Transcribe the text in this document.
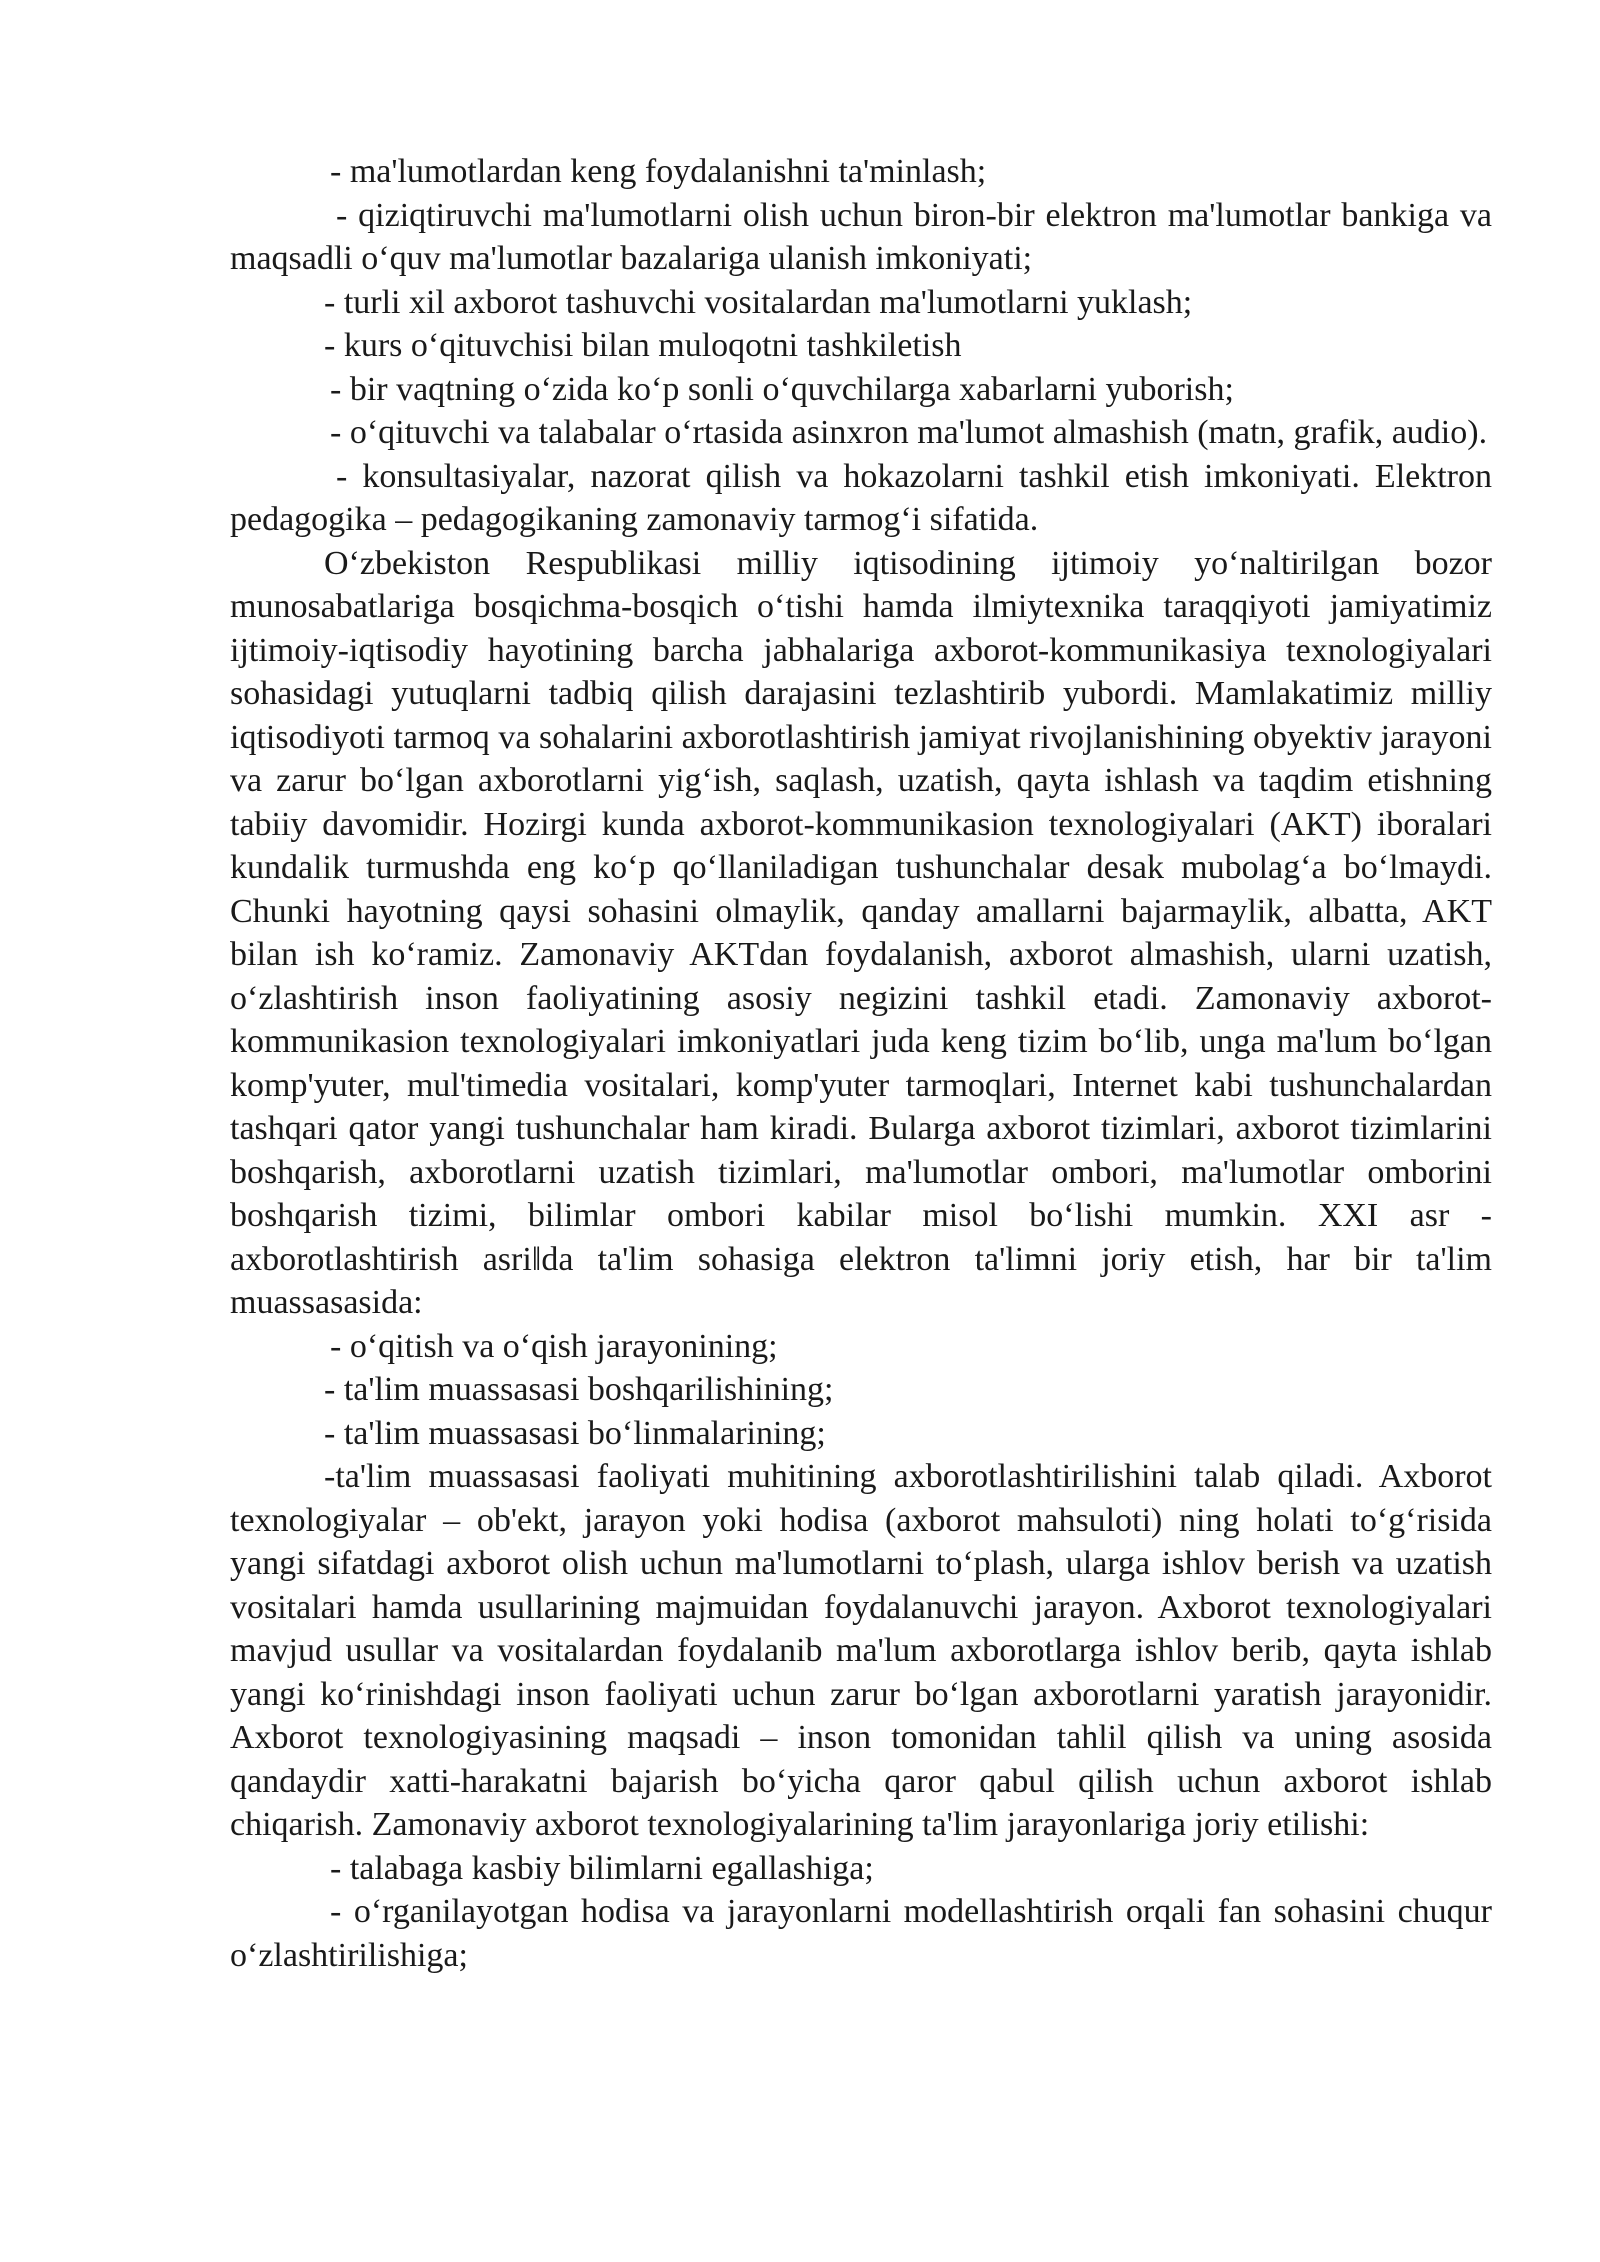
- ma'lumotlardan keng foydalanishni ta'minlash;

- qiziqtiruvchi ma'lumotlarni olish uchun biron-bir elektron ma'lumotlar bankiga va maqsadli o‘quv ma'lumotlar bazalariga ulanish imkoniyati;

- turli xil axborot tashuvchi vositalardan ma'lumotlarni yuklash;

- kurs o‘qituvchisi bilan muloqotni tashkiletish

- bir vaqtning o‘zida ko‘p sonli o‘quvchilarga xabarlarni yuborish;

- o‘qituvchi va talabalar o‘rtasida asinxron ma'lumot almashish (matn, grafik, audio).

- konsultasiyalar, nazorat qilish va hokazolarni tashkil etish imkoniyati. Elektron pedagogika – pedagogikaning zamonaviy tarmog‘i sifatida.

O‘zbekiston Respublikasi milliy iqtisodining ijtimoiy yo‘naltirilgan bozor munosabatlariga bosqichma-bosqich o‘tishi hamda ilmiytexnika taraqqiyoti jamiyatimiz ijtimoiy-iqtisodiy hayotining barcha jabhalariga axborot-kommunikasiya texnologiyalari sohasidagi yutuqlarni tadbiq qilish darajasini tezlashtirib yubordi. Mamlakatimiz milliy iqtisodiyoti tarmoq va sohalarini axborotlashtirish jamiyat rivojlanishining obyektiv jarayoni va zarur bo‘lgan axborotlarni yig‘ish, saqlash, uzatish, qayta ishlash va taqdim etishning tabiiy davomidir. Hozirgi kunda axborot-kommunikasion texnologiyalari (AKT) iboralari kundalik turmushda eng ko‘p qo‘llaniladigan tushunchalar desak mubolag‘a bo‘lmaydi. Chunki hayotning qaysi sohasini olmaylik, qanday amallarni bajarmaylik, albatta, AKT bilan ish ko‘ramiz. Zamonaviy AKTdan foydalanish, axborot almashish, ularni uzatish, o‘zlashtirish inson faoliyatining asosiy negizini tashkil etadi. Zamonaviy axborot-kommunikasion texnologiyalari imkoniyatlari juda keng tizim bo‘lib, unga ma'lum bo‘lgan komp'yuter, mul'timedia vositalari, komp'yuter tarmoqlari, Internet kabi tushunchalardan tashqari qator yangi tushunchalar ham kiradi. Bularga axborot tizimlari, axborot tizimlarini boshqarish, axborotlarni uzatish tizimlari, ma'lumotlar ombori, ma'lumotlar omborini boshqarish tizimi, bilimlar ombori kabilar misol bo‘lishi mumkin. XXI asr - axborotlashtirish asri‖da ta'lim sohasiga elektron ta'limni joriy etish, har bir ta'lim muassasasida:

- o‘qitish va o‘qish jarayonining;

- ta'lim muassasasi boshqarilishining;

- ta'lim muassasasi bo‘linmalarining;

-ta'lim muassasasi faoliyati muhitining axborotlashtirilishini talab qiladi. Axborot texnologiyalar – ob'ekt, jarayon yoki hodisa (axborot mahsuloti) ning holati to‘g‘risida yangi sifatdagi axborot olish uchun ma'lumotlarni to‘plash, ularga ishlov berish va uzatish vositalari hamda usullarining majmuidan foydalanuvchi jarayon. Axborot texnologiyalari mavjud usullar va vositalardan foydalanib ma'lum axborotlarga ishlov berib, qayta ishlab yangi ko‘rinishdagi inson faoliyati uchun zarur bo‘lgan axborotlarni yaratish jarayonidir. Axborot texnologiyasining maqsadi – inson tomonidan tahlil qilish va uning asosida qandaydir xatti-harakatni bajarish bo‘yicha qaror qabul qilish uchun axborot ishlab chiqarish. Zamonaviy axborot texnologiyalarining ta'lim jarayonlariga joriy etilishi:

- talabaga kasbiy bilimlarni egallashiga;

- o‘rganilayotgan hodisa va jarayonlarni modellashtirish orqali fan sohasini chuqur o‘zlashtirilishiga;
